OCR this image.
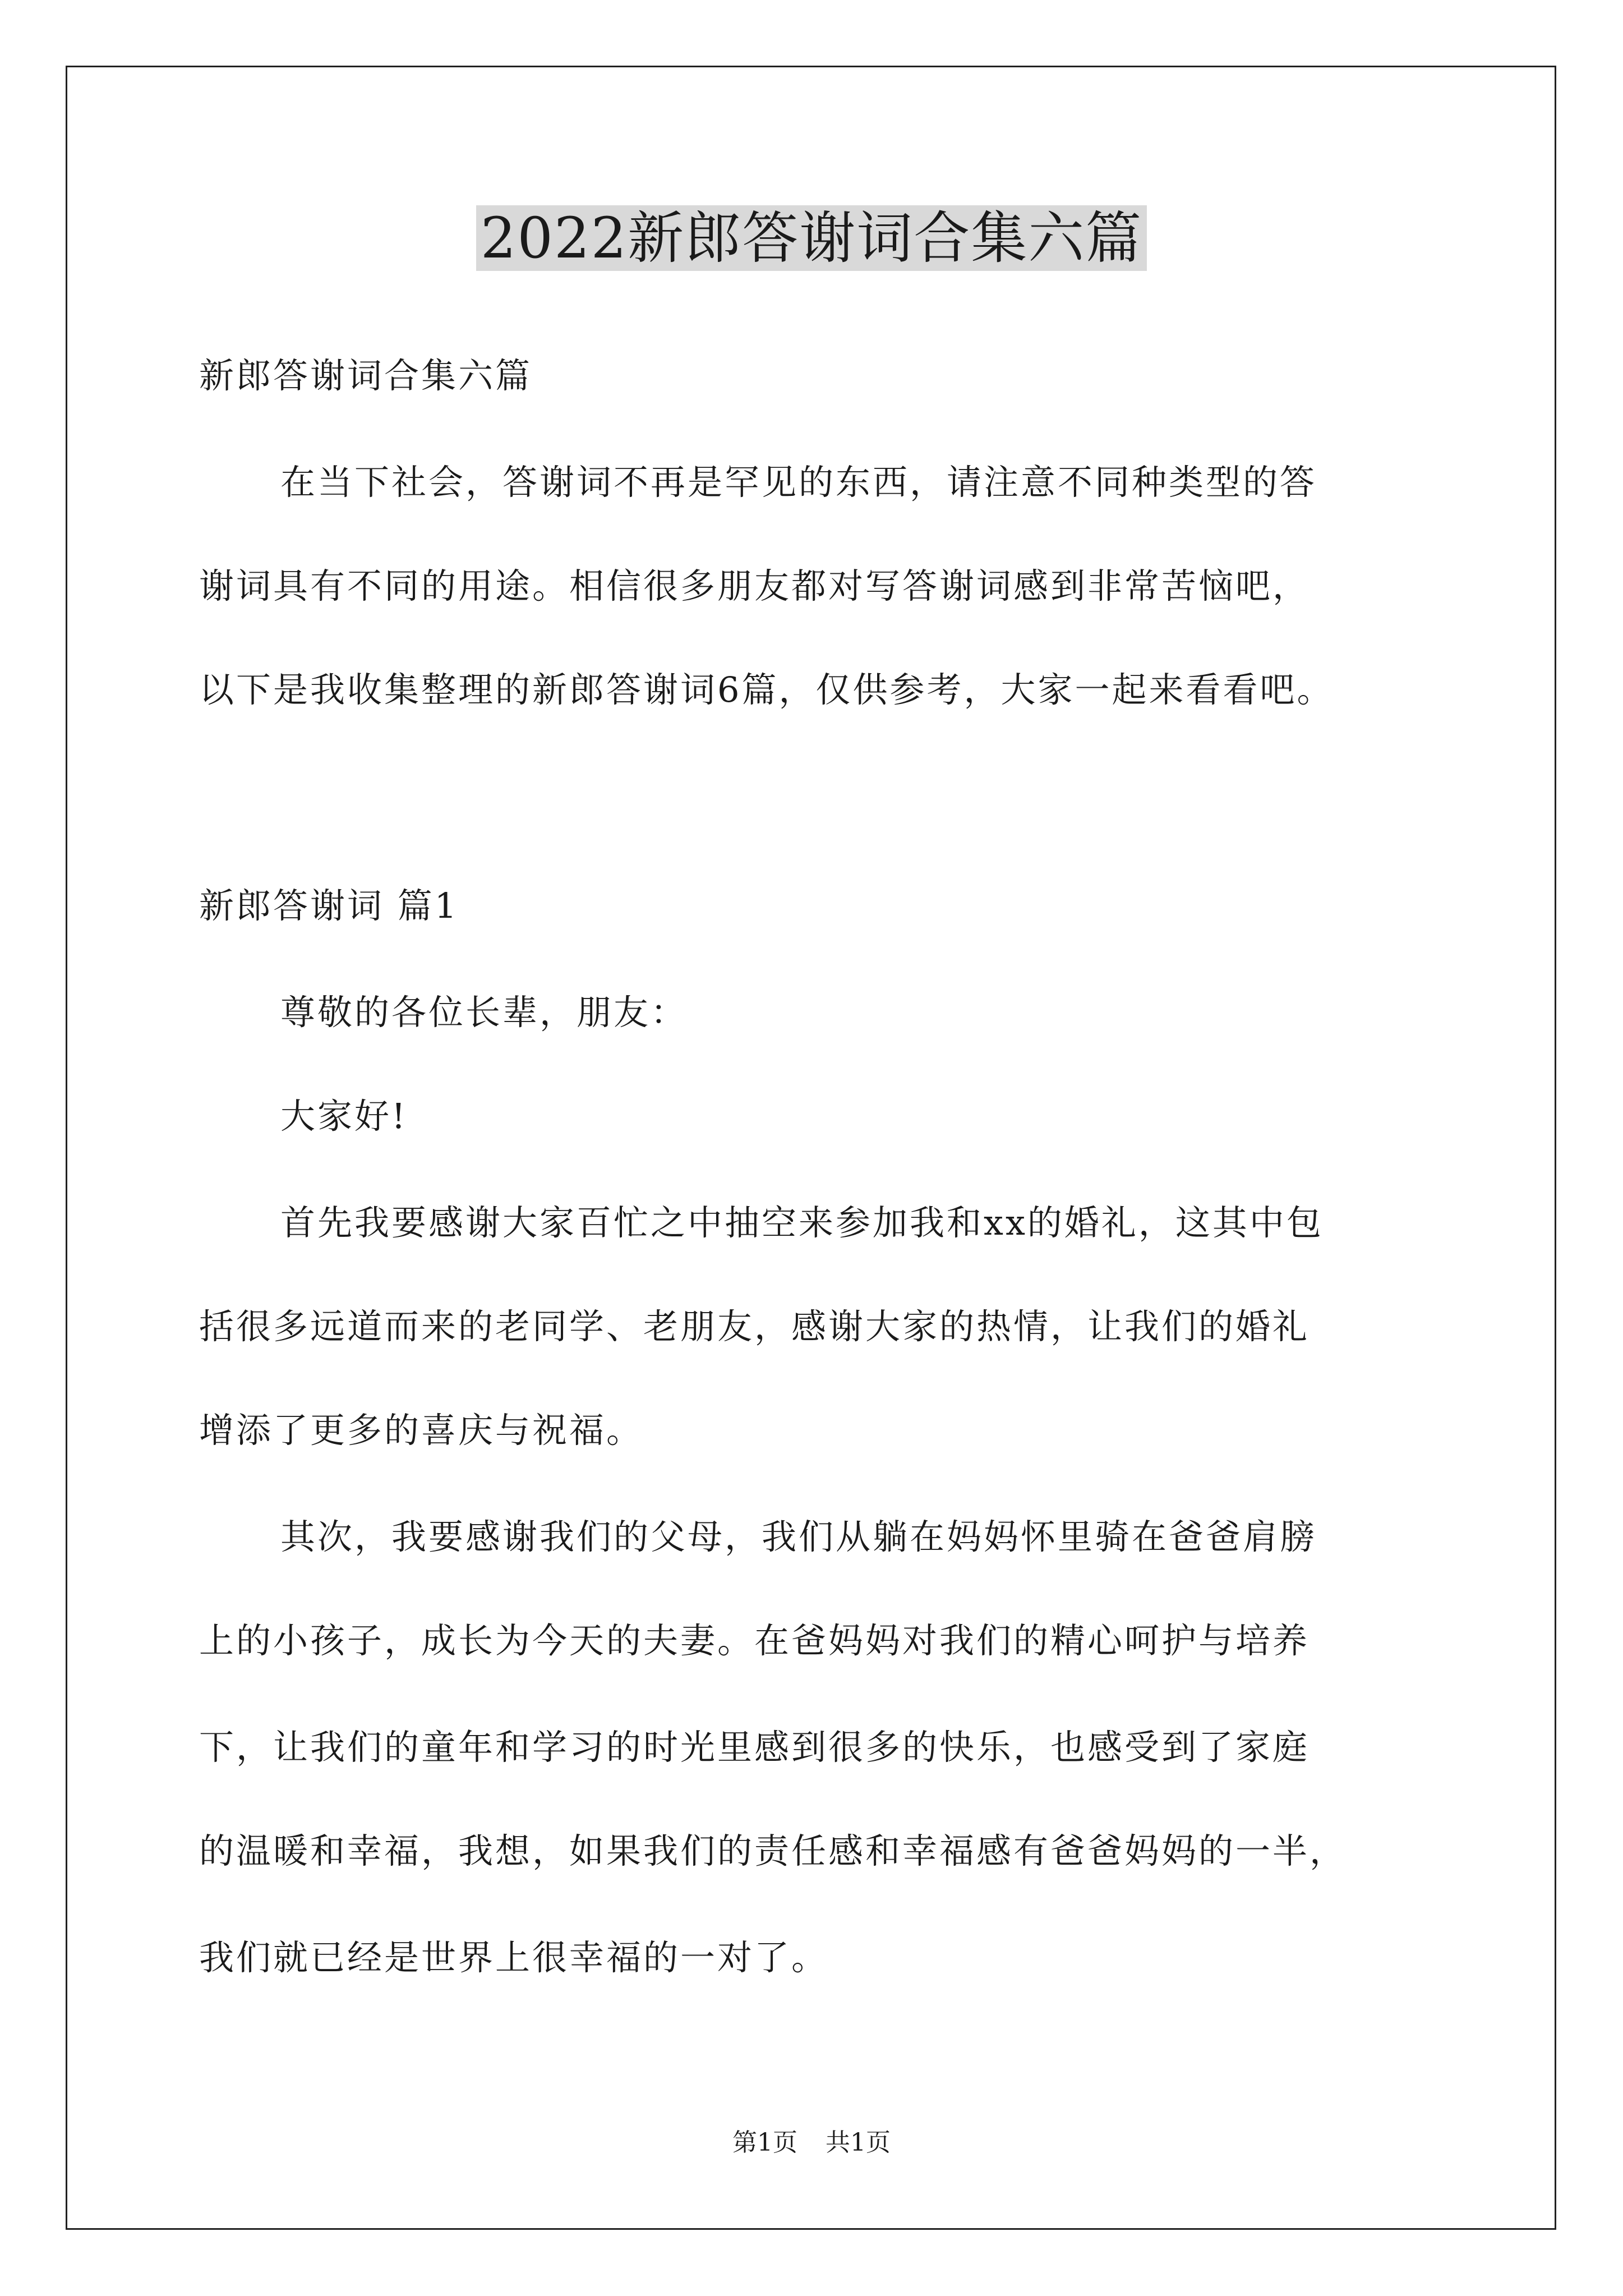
2022新郎答谢词合集六篇
新郎答谢词合集六篇
在当下社会，答谢词不再是罕见的东西，请注意不同种类型的答
谢词具有不同的用途。相信很多朋友都对写答谢词感到非常苦恼吧，
以下是我收集整理的新郎答谢词6篇，仅供参考，大家一起来看看吧。
新郎答谢词 篇1
尊敬的各位长辈，朋友：
大家好!
首先我要感谢大家百忙之中抽空来参加我和xx的婚礼，这其中包
括很多远道而来的老同学、老朋友，感谢大家的热情，让我们的婚礼
增添了更多的喜庆与祝福。
其次，我要感谢我们的父母，我们从躺在妈妈怀里骑在爸爸肩膀
上的小孩子，成长为今天的夫妻。在爸妈妈对我们的精心呵护与培养
下，让我们的童年和学习的时光里感到很多的快乐，也感受到了家庭
的温暖和幸福，我想，如果我们的责任感和幸福感有爸爸妈妈的一半，
我们就已经是世界上很幸福的一对了。
第1页 共1页
